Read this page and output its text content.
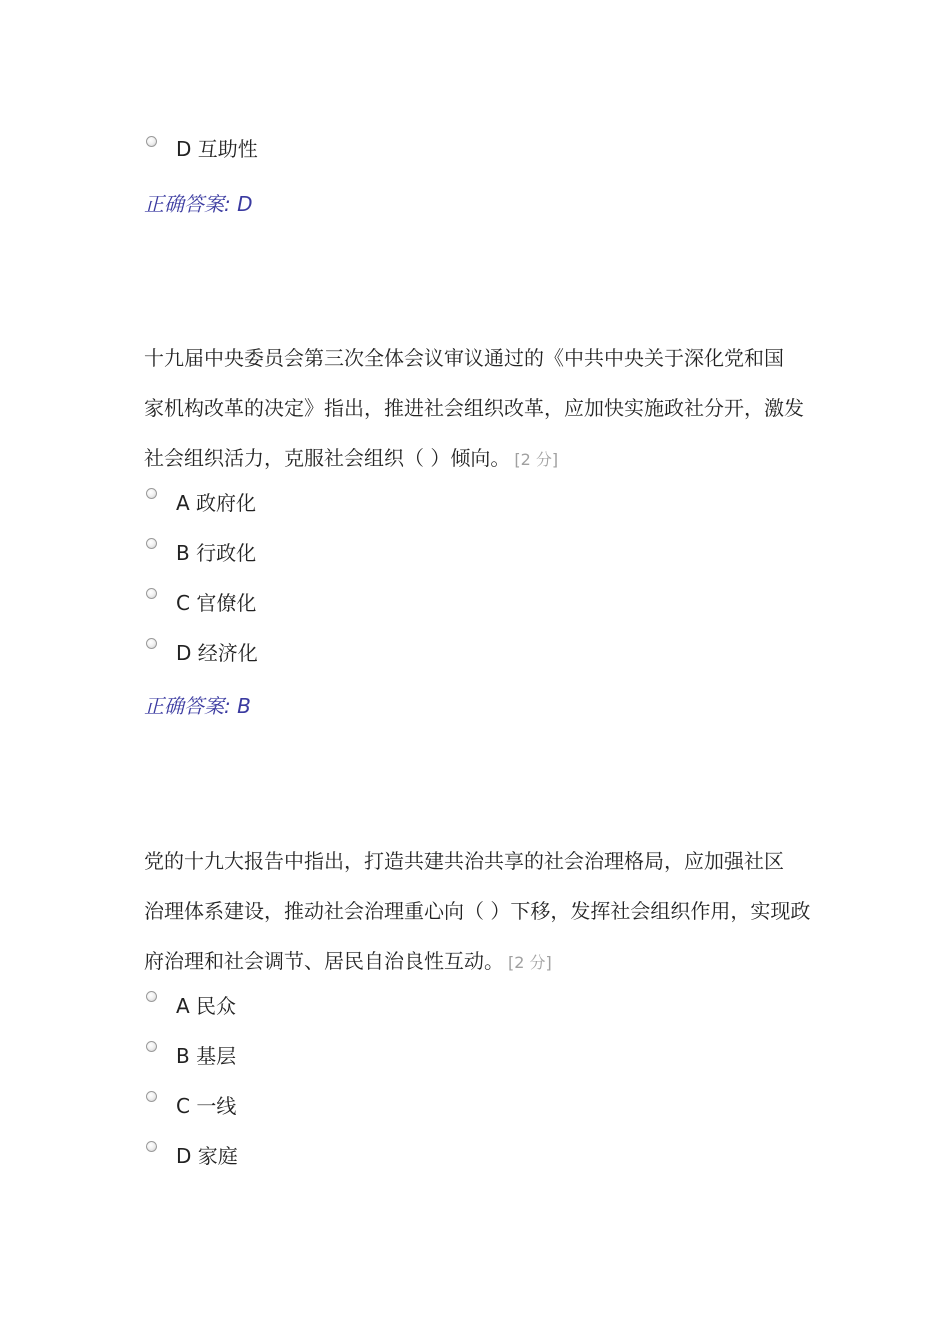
D 互助性
正确答案: D
十九届中央委员会第三次全体会议审议通过的《中共中央关于深化党和国
家机构改革的决定》指出，推进社会组织改革，应加快实施政社分开，激发
社会组织活力，克服社会组织（ ）倾向。 [2 分]
A 政府化
B 行政化
C 官僚化
D 经济化
正确答案: B
党的十九大报告中指出，打造共建共治共享的社会治理格局，应加强社区
治理体系建设，推动社会治理重心向（ ）下移，发挥社会组织作用，实现政
府治理和社会调节、居民自治良性互动。 [2 分]
A 民众
B 基层
C 一线
D 家庭
